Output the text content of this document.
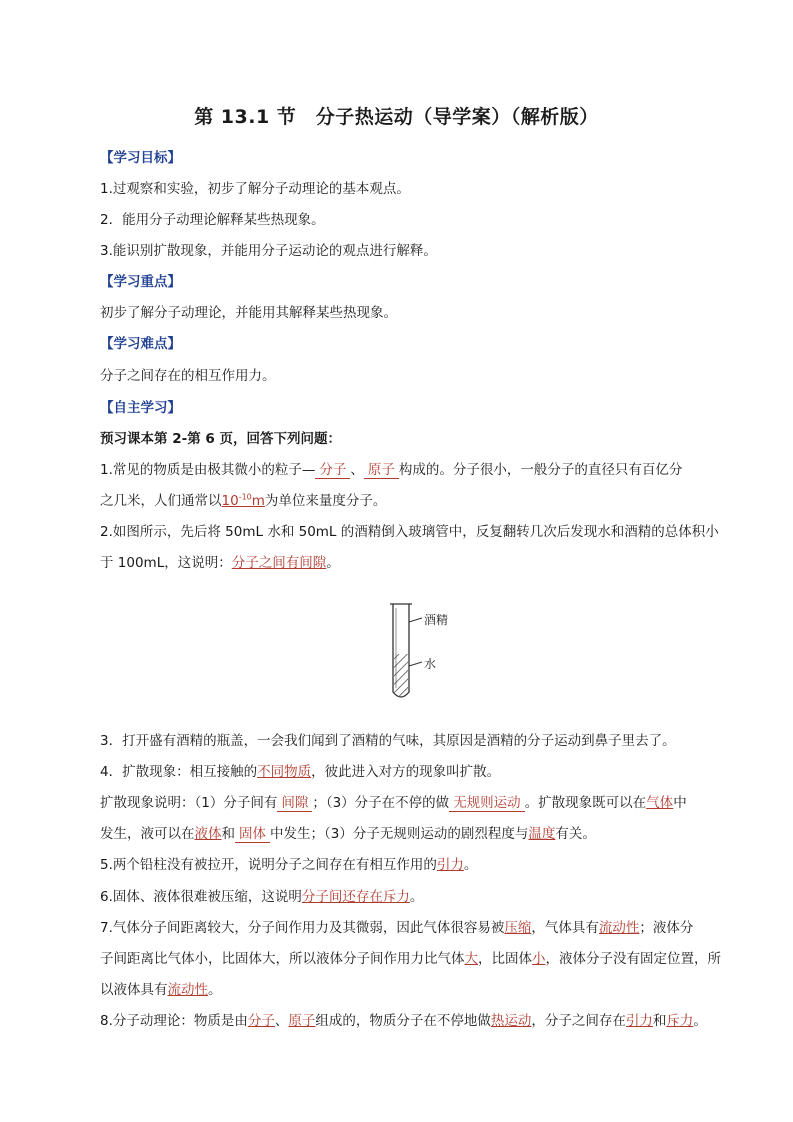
第 13.1 节　分子热运动（导学案）（解析版）
【学习目标】
1.过观察和实验，初步了解分子动理论的基本观点。
2．能用分子动理论解释某些热现象。
3.能识别扩散现象，并能用分子运动论的观点进行解释。
【学习重点】
初步了解分子动理论，并能用其解释某些热现象。
【学习难点】
分子之间存在的相互作用力。
【自主学习】
预习课本第 2-第 6 页，回答下列问题：
1.常见的物质是由极其微小的粒子— 分子 、 原子 构成的。分子很小，一般分子的直径只有百亿分
之几米，人们通常以$10^{-10}m$为单位来量度分子。
2.如图所示，先后将 50mL 水和 50mL 的酒精倒入玻璃管中，反复翻转几次后发现水和酒精的总体积小
于 100mL，这说明：分子之间有间隙。
酒精
水
3．打开盛有酒精的瓶盖，一会我们闻到了酒精的气味，其原因是酒精的分子运动到鼻子里去了。
4．扩散现象：相互接触的不同物质，彼此进入对方的现象叫扩散。
扩散现象说明：（1）分子间有 间隙 ；（3）分子在不停的做 无规则运动 。扩散现象既可以在气体中
发生，液可以在液体和 固体 中发生；（3）分子无规则运动的剧烈程度与温度有关。
5.两个铅柱没有被拉开，说明分子之间存在有相互作用的引力。
6.固体、液体很难被压缩，这说明分子间还存在斥力。
7.气体分子间距离较大，分子间作用力及其微弱，因此气体很容易被压缩，气体具有流动性；液体分
子间距离比气体小，比固体大，所以液体分子间作用力比气体大，比固体小，液体分子没有固定位置，所
以液体具有流动性。
8.分子动理论：物质是由分子、原子组成的，物质分子在不停地做热运动，分子之间存在引力和斥力。
